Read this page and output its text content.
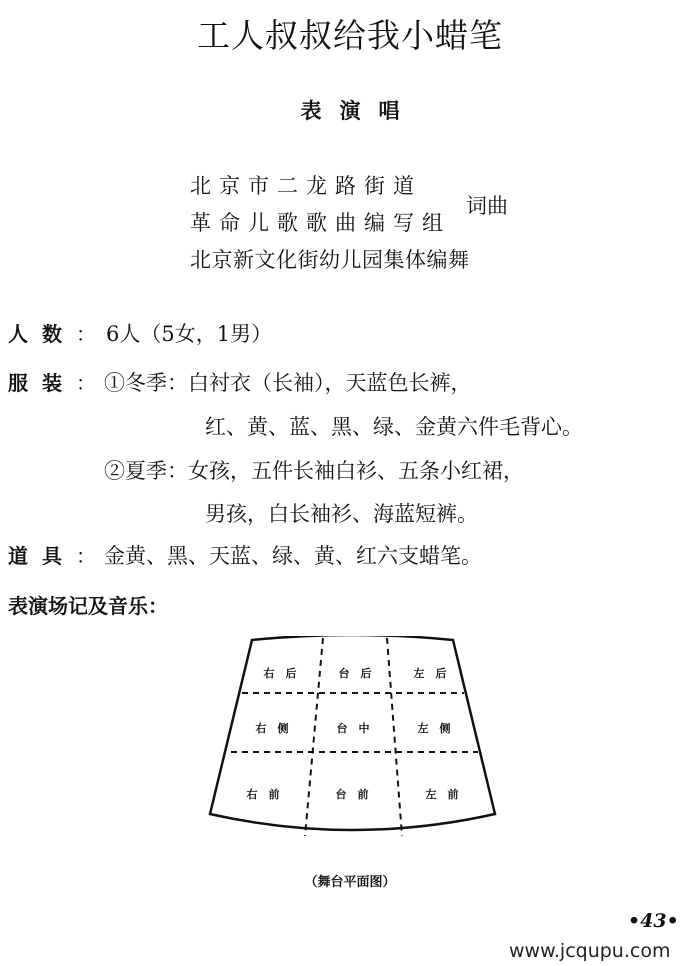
工人叔叔给我小蜡笔
表演唱
北京市二龙路街道
革命儿歌歌曲编写组
词曲
北京新文化街幼儿园集体编舞
人数： 6人（5女，1男）
服装： ①冬季：白衬衣（长袖），天蓝色长裤，
红、黄、蓝、黑、绿、金黄六件毛背心。
②夏季：女孩，五件长袖白衫、五条小红裙，
男孩，白长袖衫、海蓝短裤。
道具： 金黄、黑、天蓝、绿、黄、红六支蜡笔。
表演场记及音乐：
右　后	台　后	左　后
右　侧	台　中	左　侧
右　前	台　前	左　前
（舞台平面图）
•43•
www.jcqupu.com
